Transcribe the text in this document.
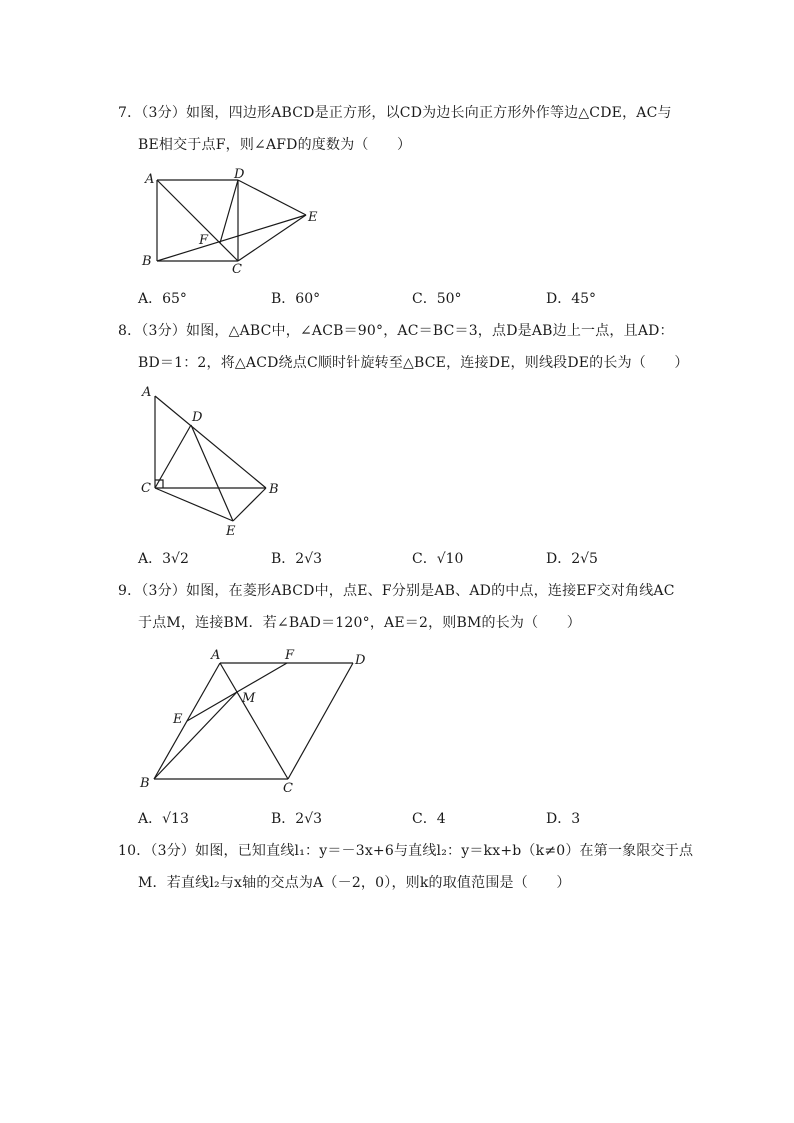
7．（3分）如图，四边形ABCD是正方形，以CD为边长向正方形外作等边△CDE，AC与
BE相交于点F，则∠AFD的度数为（　　）
A
B
C
D
E
F
A．65°	B．60°	C．50°	D．45°
8．（3分）如图，△ABC中，∠ACB＝90°，AC＝BC＝3，点D是AB边上一点，且AD：
BD＝1：2，将△ACD绕点C顺时针旋转至△BCE，连接DE，则线段DE的长为（　　）
A
B
C
D
E
A．3√2	B．2√3	C．√10	D．2√5
9．（3分）如图，在菱形ABCD中，点E、F分别是AB、AD的中点，连接EF交对角线AC
于点M，连接BM．若∠BAD＝120°，AE＝2，则BM的长为（　　）
A
B	C
D
E
F
M
A．√13	B．2√3	C．4	D．3
10．（3分）如图，已知直线l₁：y＝－3x+6与直线l₂：y＝kx+b（k≠0）在第一象限交于点
M．若直线l₂与x轴的交点为A（－2，0），则k的取值范围是（　　）
